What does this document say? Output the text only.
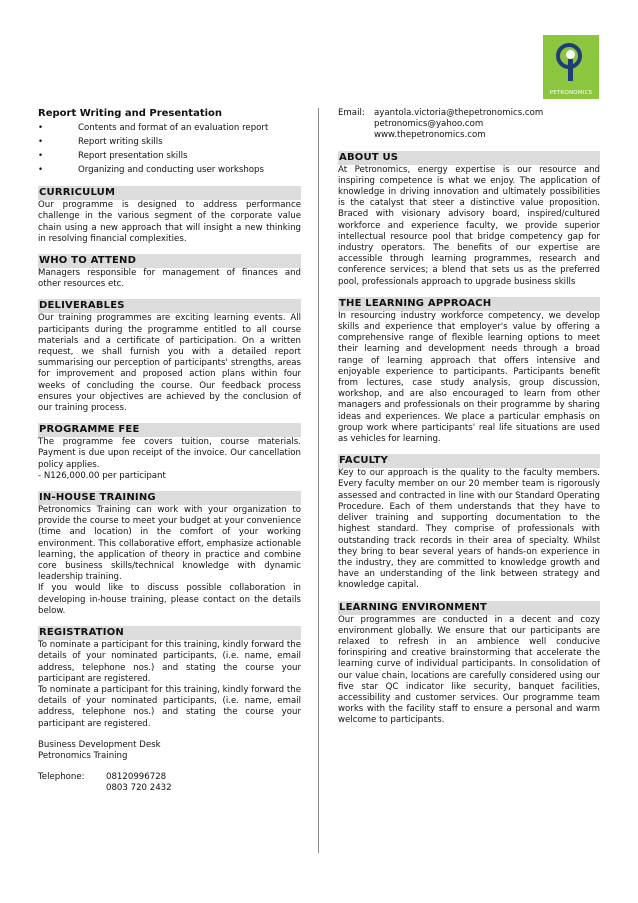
PETRONOMICS
Report Writing and Presentation
• Contents and format of an evaluation report
• Report writing skills
• Report presentation skills
• Organizing and conducting user workshops
CURRICULUM

Our programme is designed to address performance challenge in the various segment of the corporate value chain using a new approach that will insight a new thinking in resolving financial complexities.

WHO TO ATTEND

Managers responsible for management of finances and other resources etc.

DELIVERABLES

Our training programmes are exciting learning events. All participants during the programme entitled to all course materials and a certificate of participation. On a written request, we shall furnish you with a detailed report summarising our perception of participants' strengths, areas for improvement and proposed action plans within four weeks of concluding the course. Our feedback process ensures your objectives are achieved by the conclusion of our training process.

PROGRAMME FEE

The programme fee covers tuition, course materials. Payment is due upon receipt of the invoice. Our cancellation policy applies.

- N126,000.00 per participant

IN-HOUSE TRAINING

Petronomics Training can work with your organization to provide the course to meet your budget at your convenience (time and location) in the comfort of your working environment. This collaborative effort, emphasize actionable learning, the application of theory in practice and combine core business skills/technical knowledge with dynamic leadership training.

If you would like to discuss possible collaboration in developing in-house training, please contact on the details below.

REGISTRATION

To nominate a participant for this training, kindly forward the details of your nominated participants, (i.e. name, email address, telephone nos.) and stating the course your participant are registered.

To nominate a participant for this training, kindly forward the details of your nominated participants, (i.e. name, email address, telephone nos.) and stating the course your participant are registered.

Business Development Desk

Petronomics Training

Telephone:	08120996728
0803 720 2432
Email:	ayantola.victoria@thepetronomics.com
petronomics@yahoo.com
www.thepetronomics.com
ABOUT US

At Petronomics, energy expertise is our resource and inspiring competence is what we enjoy. The application of knowledge in driving innovation and ultimately possibilities is the catalyst that steer a distinctive value proposition. Braced with visionary advisory board, inspired/cultured workforce and experience faculty, we provide superior intellectual resource pool that bridge competency gap for industry operators. The benefits of our expertise are accessible through learning programmes, research and conference services; a blend that sets us as the preferred pool, professionals approach to upgrade business skills

THE LEARNING APPROACH

In resourcing industry workforce competency, we develop skills and experience that employer's value by offering a comprehensive range of flexible learning options to meet their learning and development needs through a broad range of learning approach that offers intensive and enjoyable experience to participants. Participants benefit from lectures, case study analysis, group discussion, workshop, and are also encouraged to learn from other managers and professionals on their programme by sharing ideas and experiences. We place a particular emphasis on group work where participants' real life situations are used as vehicles for learning.

FACULTY

Key to our approach is the quality to the faculty members. Every faculty member on our 20 member team is rigorously assessed and contracted in line with our Standard Operating Procedure. Each of them understands that they have to deliver training and supporting documentation to the highest standard. They comprise of professionals with outstanding track records in their area of specialty. Whilst they bring to bear several years of hands-on experience in the industry, they are committed to knowledge growth and have an understanding of the link between strategy and knowledge capital.

LEARNING ENVIRONMENT

Our programmes are conducted in a decent and cozy environment globally. We ensure that our participants are relaxed to refresh in an ambience well conducive forinspiring and creative brainstorming that accelerate the learning curve of individual participants. In consolidation of our value chain, locations are carefully considered using our five star QC indicator like security, banquet facilities, accessibility and customer services. Our programme team works with the facility staff to ensure a personal and warm welcome to participants.
